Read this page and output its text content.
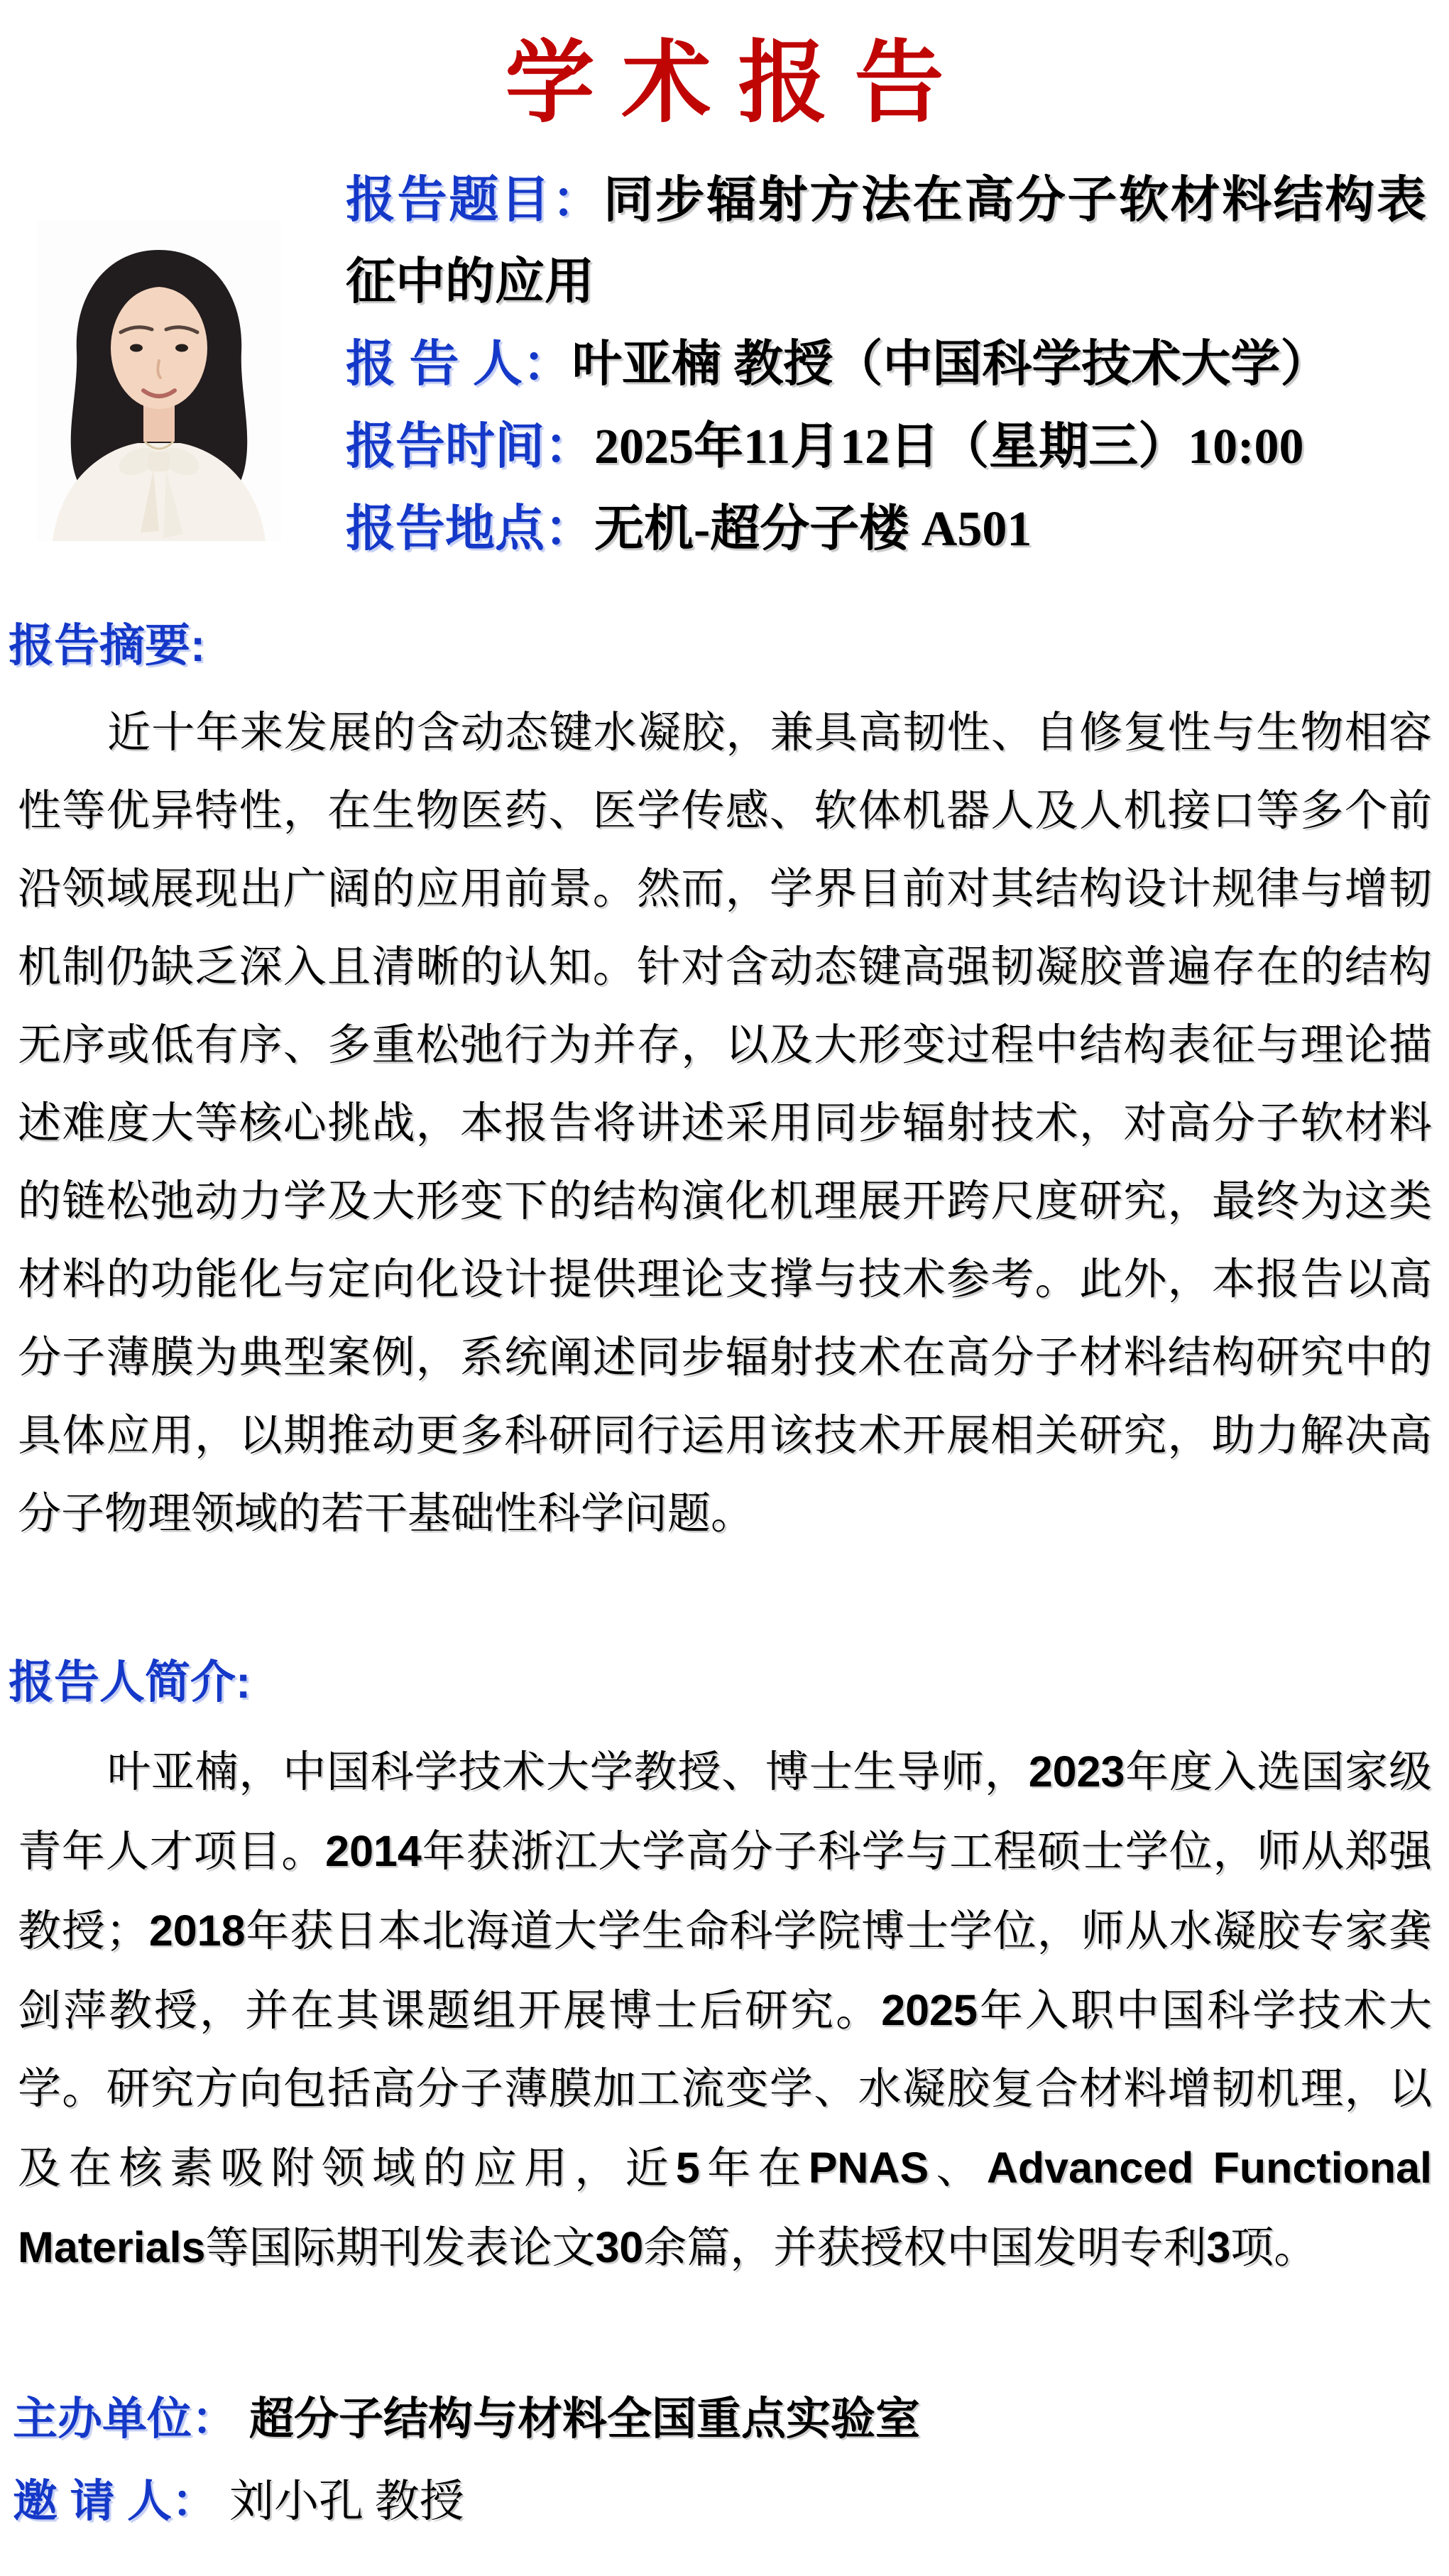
学术报告

报告题目：同步辐射方法在高分子软材料结构表征中的应用

报 告 人：叶亚楠 教授（中国科学技术大学）

报告时间：2025年11月12日（星期三）10:00

报告地点：无机-超分子楼 A501

报告摘要:

近十年来发展的含动态键水凝胶，兼具高韧性、自修复性与生物相容性等优异特性，在生物医药、医学传感、软体机器人及人机接口等多个前沿领域展现出广阔的应用前景。然而，学界目前对其结构设计规律与增韧机制仍缺乏深入且清晰的认知。针对含动态键高强韧凝胶普遍存在的结构无序或低有序、多重松弛行为并存，以及大形变过程中结构表征与理论描述难度大等核心挑战，本报告将讲述采用同步辐射技术，对高分子软材料的链松弛动力学及大形变下的结构演化机理展开跨尺度研究，最终为这类材料的功能化与定向化设计提供理论支撑与技术参考。此外，本报告以高分子薄膜为典型案例，系统阐述同步辐射技术在高分子材料结构研究中的具体应用，以期推动更多科研同行运用该技术开展相关研究，助力解决高分子物理领域的若干基础性科学问题。

报告人简介:

叶亚楠，中国科学技术大学教授、博士生导师，2023年度入选国家级青年人才项目。2014年获浙江大学高分子科学与工程硕士学位，师从郑强教授；2018年获日本北海道大学生命科学院博士学位，师从水凝胶专家龚剑萍教授，并在其课题组开展博士后研究。2025年入职中国科学技术大学。研究方向包括高分子薄膜加工流变学、水凝胶复合材料增韧机理，以及在核素吸附领域的应用，近5年在PNAS、Advanced Functional Materials等国际期刊发表论文30余篇，并获授权中国发明专利3项。

主办单位： 超分子结构与材料全国重点实验室
邀 请 人： 刘小孔 教授
